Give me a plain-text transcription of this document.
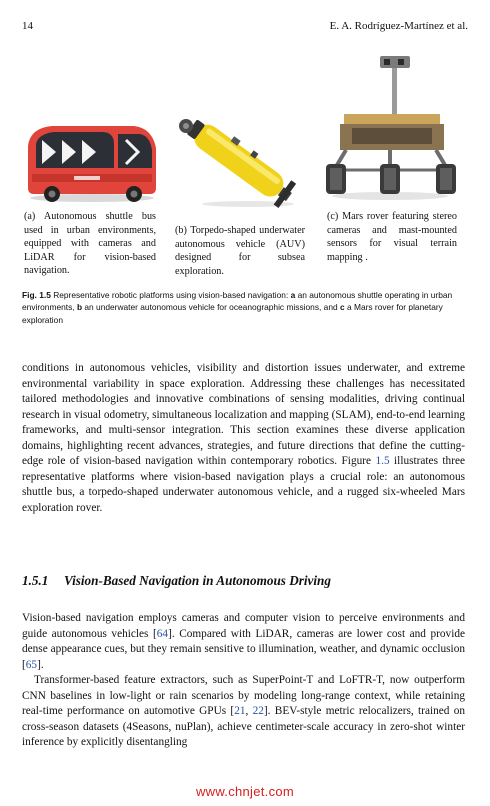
14	E. A. Rodríguez-Martínez et al.
(a) Autonomous shuttle bus used in urban environments, equipped with cameras and LiDAR for vision-based navigation.
(b) Torpedo-shaped underwater autonomous vehicle (AUV) designed for subsea exploration.
(c) Mars rover featuring stereo cameras and mast-mounted sensors for visual terrain mapping .
Fig. 1.5 Representative robotic platforms using vision-based navigation: a an autonomous shuttle operating in urban environments, b an underwater autonomous vehicle for oceanographic missions, and c a Mars rover for planetary exploration

conditions in autonomous vehicles, visibility and distortion issues underwater, and extreme environmental variability in space exploration. Addressing these challenges has necessitated tailored methodologies and innovative combinations of sensing modalities, driving continual research in visual odometry, simultaneous localization and mapping (SLAM), end-to-end learning frameworks, and multi-sensor integration. This section examines these diverse application domains, highlighting recent advances, strategies, and future directions that define the cutting-edge role of vision-based navigation within contemporary robotics. Figure 1.5 illustrates three representative platforms where vision-based navigation plays a crucial role: an autonomous shuttle bus, a torpedo-shaped underwater autonomous vehicle, and a rugged six-wheeled Mars exploration rover.

1.5.1 Vision-Based Navigation in Autonomous Driving

Vision-based navigation employs cameras and computer vision to perceive environments and guide autonomous vehicles [64]. Compared with LiDAR, cameras are lower cost and provide dense appearance cues, but they remain sensitive to illumination, weather, and dynamic occlusion [65].

Transformer-based feature extractors, such as SuperPoint-T and LoFTR-T, now outperform CNN baselines in low-light or rain scenarios by modeling long-range context, while retaining real-time performance on automotive GPUs [21, 22]. BEV-style metric relocalizers, trained on cross-season datasets (4Seasons, nuPlan), achieve centimeter-scale accuracy in zero-shot winter inference by explicitly disentangling

www.chnjet.com
